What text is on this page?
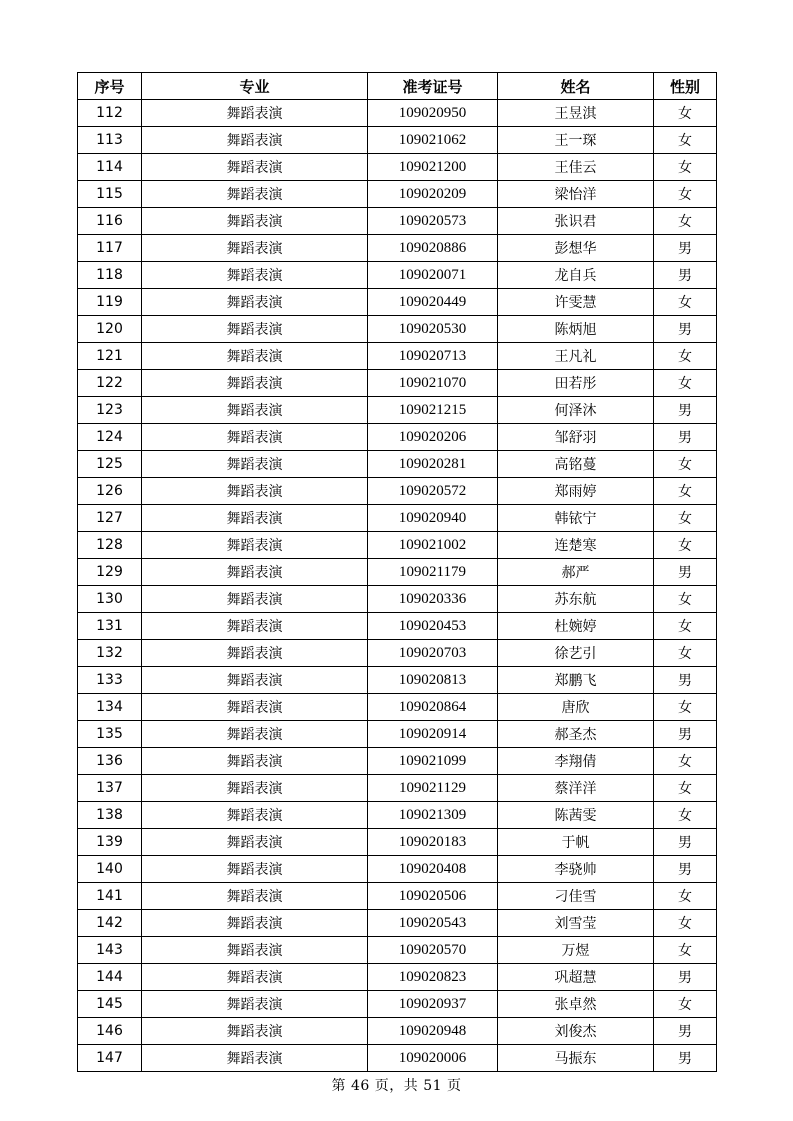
序号	专业	准考证号	姓名	性别
112	舞蹈表演	109020950	王昱淇	女
113	舞蹈表演	109021062	王一琛	女
114	舞蹈表演	109021200	王佳云	女
115	舞蹈表演	109020209	梁怡洋	女
116	舞蹈表演	109020573	张识君	女
117	舞蹈表演	109020886	彭想华	男
118	舞蹈表演	109020071	龙自兵	男
119	舞蹈表演	109020449	许雯慧	女
120	舞蹈表演	109020530	陈炳旭	男
121	舞蹈表演	109020713	王凡礼	女
122	舞蹈表演	109021070	田若彤	女
123	舞蹈表演	109021215	何泽沐	男
124	舞蹈表演	109020206	邹舒羽	男
125	舞蹈表演	109020281	高铭蔓	女
126	舞蹈表演	109020572	郑雨婷	女
127	舞蹈表演	109020940	韩铱宁	女
128	舞蹈表演	109021002	连楚寒	女
129	舞蹈表演	109021179	郝严	男
130	舞蹈表演	109020336	苏东航	女
131	舞蹈表演	109020453	杜婉婷	女
132	舞蹈表演	109020703	徐艺引	女
133	舞蹈表演	109020813	郑鹏飞	男
134	舞蹈表演	109020864	唐欣	女
135	舞蹈表演	109020914	郝圣杰	男
136	舞蹈表演	109021099	李翔倩	女
137	舞蹈表演	109021129	蔡洋洋	女
138	舞蹈表演	109021309	陈茜雯	女
139	舞蹈表演	109020183	于帆	男
140	舞蹈表演	109020408	李骁帅	男
141	舞蹈表演	109020506	刁佳雪	女
142	舞蹈表演	109020543	刘雪莹	女
143	舞蹈表演	109020570	万煜	女
144	舞蹈表演	109020823	巩超慧	男
145	舞蹈表演	109020937	张卓然	女
146	舞蹈表演	109020948	刘俊杰	男
147	舞蹈表演	109020006	马振东	男
第 46 页，共 51 页
